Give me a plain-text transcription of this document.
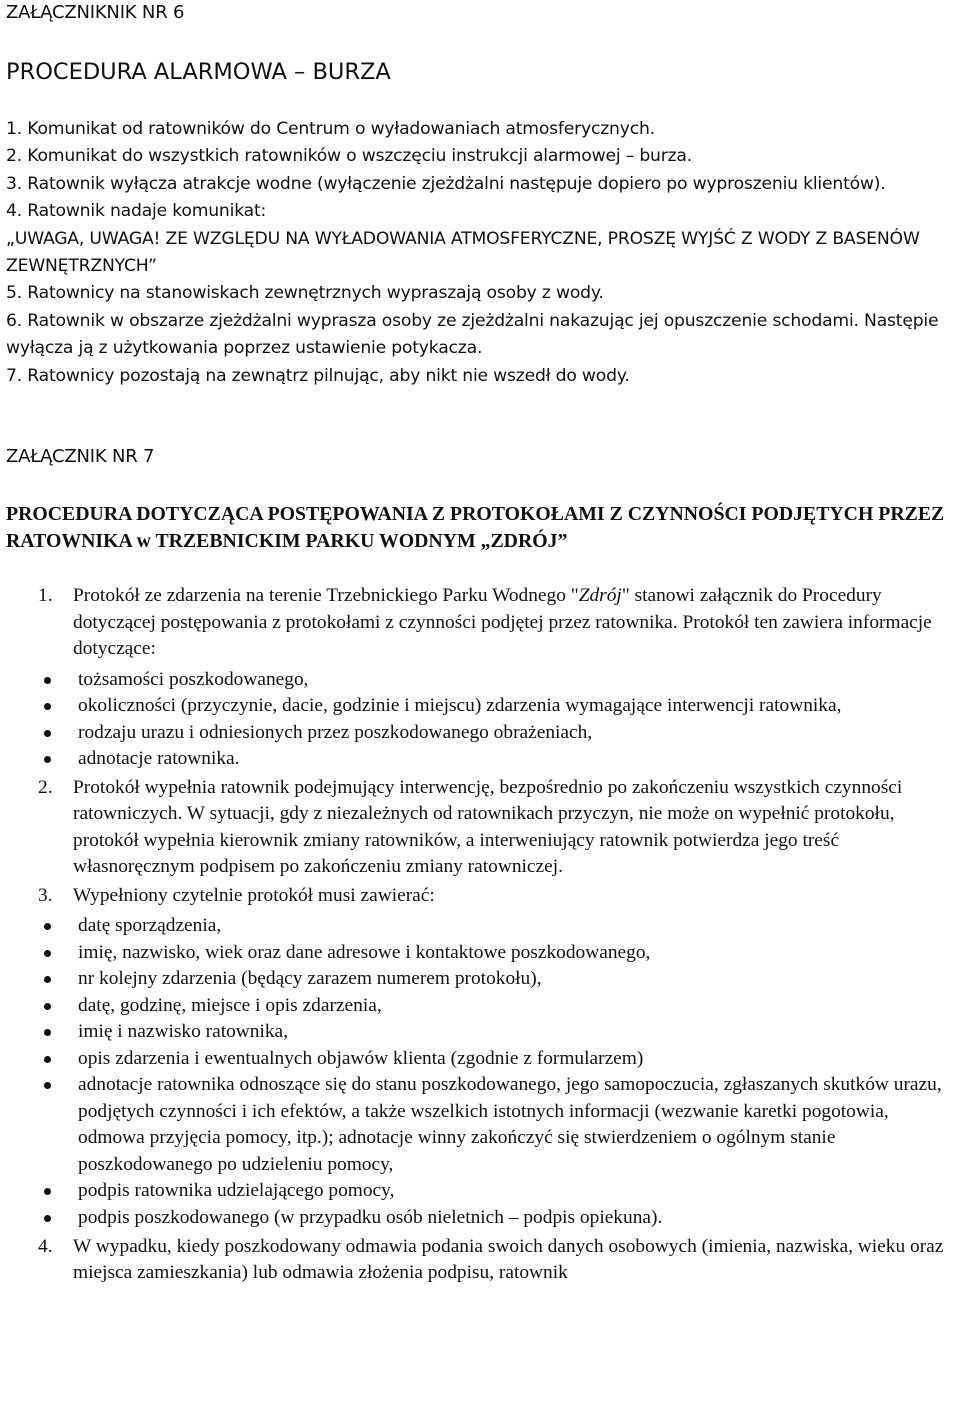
ZAŁĄCZNIKNIK NR 6
PROCEDURA ALARMOWA – BURZA

1. Komunikat od ratowników do Centrum o wyładowaniach atmosferycznych.

2. Komunikat do wszystkich ratowników o wszczęciu instrukcji alarmowej – burza.

3. Ratownik wyłącza atrakcje wodne (wyłączenie zjeżdżalni następuje dopiero po wyproszeniu klientów).

4. Ratownik nadaje komunikat:

„UWAGA, UWAGA! ZE WZGLĘDU NA WYŁADOWANIA ATMOSFERYCZNE, PROSZĘ WYJŚĆ Z WODY Z BASENÓW ZEWNĘTRZNYCH”

5. Ratownicy na stanowiskach zewnętrznych wypraszają osoby z wody.

6. Ratownik w obszarze zjeżdżalni wyprasza osoby ze zjeżdżalni nakazując jej opuszczenie schodami. Następie wyłącza ją z użytkowania poprzez ustawienie potykacza.

7. Ratownicy pozostają na zewnątrz pilnując, aby nikt nie wszedł do wody.

ZAŁĄCZNIK NR 7

PROCEDURA DOTYCZĄCA POSTĘPOWANIA Z PROTOKOŁAMI Z CZYNNOŚCI PODJĘTYCH PRZEZ RATOWNIKA w TRZEBNICKIM PARKU WODNYM „ZDRÓJ”

1. Protokół ze zdarzenia na terenie Trzebnickiego Parku Wodnego "Zdrój" stanowi załącznik do Procedury dotyczącej postępowania z protokołami z czynności podjętej przez ratownika. Protokół ten zawiera informacje dotyczące:

tożsamości poszkodowanego,
okoliczności (przyczynie, dacie, godzinie i miejscu) zdarzenia wymagające interwencji ratownika,
rodzaju urazu i odniesionych przez poszkodowanego obrażeniach,
adnotacje ratownika.
2. Protokół wypełnia ratownik podejmujący interwencję, bezpośrednio po zakończeniu wszystkich czynności ratowniczych. W sytuacji, gdy z niezależnych od ratownikach przyczyn, nie może on wypełnić protokołu, protokół wypełnia kierownik zmiany ratowników, a interweniujący ratownik potwierdza jego treść własnoręcznym podpisem po zakończeniu zmiany ratowniczej.

3. Wypełniony czytelnie protokół musi zawierać:

datę sporządzenia,
imię, nazwisko, wiek oraz dane adresowe i kontaktowe poszkodowanego,
nr kolejny zdarzenia (będący zarazem numerem protokołu),
datę, godzinę, miejsce i opis zdarzenia,
imię i nazwisko ratownika,
opis zdarzenia i ewentualnych objawów klienta (zgodnie z formularzem)
adnotacje ratownika odnoszące się do stanu poszkodowanego, jego samopoczucia, zgłaszanych skutków urazu, podjętych czynności i ich efektów, a także wszelkich istotnych informacji (wezwanie karetki pogotowia, odmowa przyjęcia pomocy, itp.); adnotacje winny zakończyć się stwierdzeniem o ogólnym stanie poszkodowanego po udzieleniu pomocy,
podpis ratownika udzielającego pomocy,
podpis poszkodowanego (w przypadku osób nieletnich – podpis opiekuna).
4. W wypadku, kiedy poszkodowany odmawia podania swoich danych osobowych (imienia, nazwiska, wieku oraz miejsca zamieszkania) lub odmawia złożenia podpisu, ratownik
